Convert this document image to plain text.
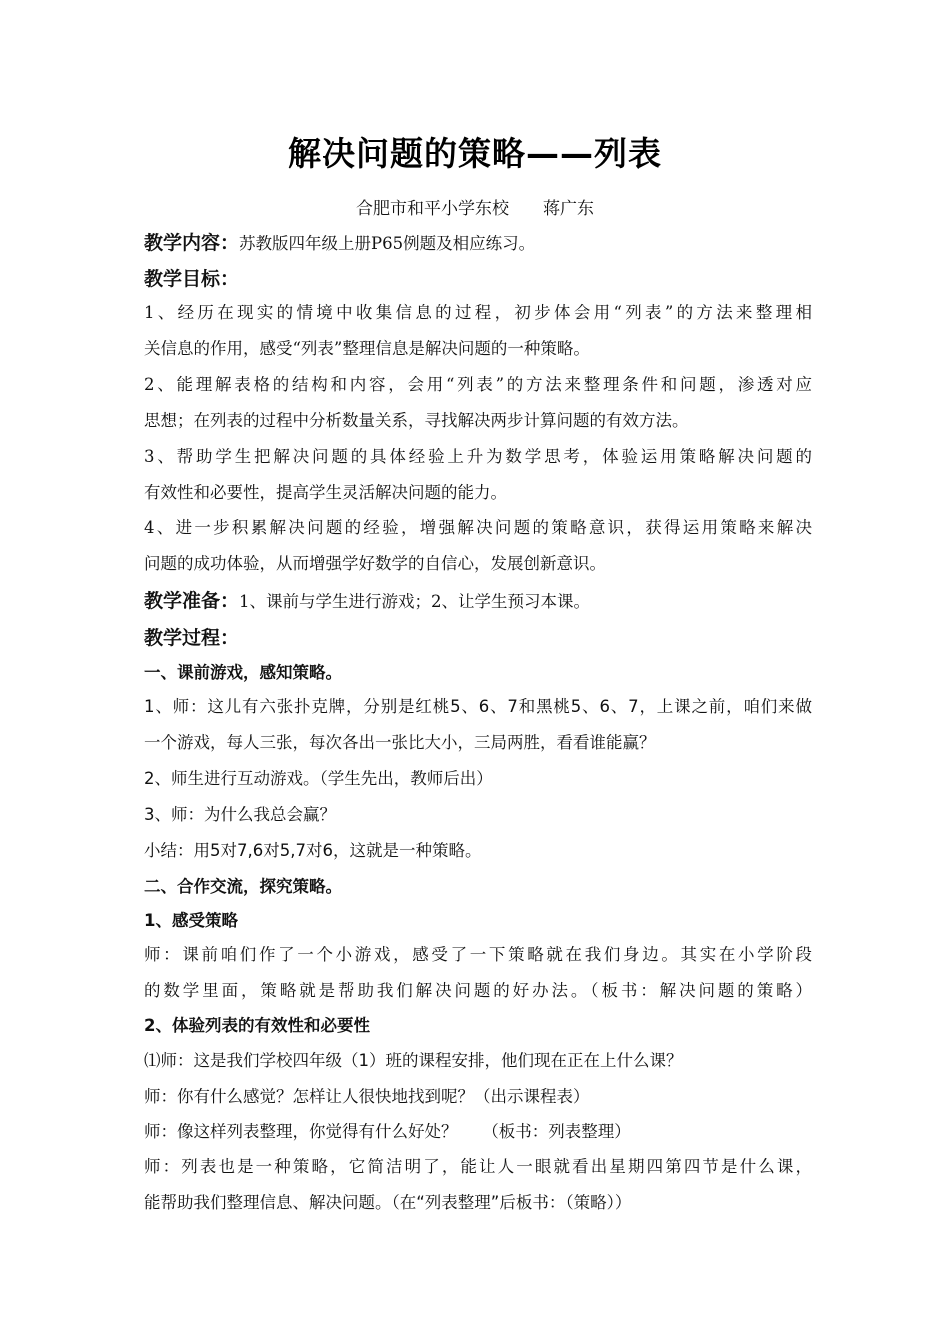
解决问题的策略——列表
合肥市和平小学东校　　蒋广东
教学内容：苏教版四年级上册P65例题及相应练习。
教学目标：
1、经历在现实的情境中收集信息的过程，初步体会用“列表”的方法来整理相
关信息的作用，感受“列表”整理信息是解决问题的一种策略。
2、能理解表格的结构和内容，会用“列表”的方法来整理条件和问题，渗透对应
思想；在列表的过程中分析数量关系，寻找解决两步计算问题的有效方法。
3、帮助学生把解决问题的具体经验上升为数学思考，体验运用策略解决问题的
有效性和必要性，提高学生灵活解决问题的能力。
4、进一步积累解决问题的经验，增强解决问题的策略意识，获得运用策略来解决
问题的成功体验，从而增强学好数学的自信心，发展创新意识。
教学准备：1、课前与学生进行游戏；2、让学生预习本课。
教学过程：
一、课前游戏，感知策略。
1、师：这儿有六张扑克牌，分别是红桃5、6、7和黑桃5、6、7，上课之前，咱们来做
一个游戏，每人三张，每次各出一张比大小，三局两胜，看看谁能赢？
2、师生进行互动游戏。（学生先出，教师后出）
3、师：为什么我总会赢？
小结：用5对7,6对5,7对6，这就是一种策略。
二、合作交流，探究策略。
1、感受策略
师：课前咱们作了一个小游戏，感受了一下策略就在我们身边。其实在小学阶段
的数学里面，策略就是帮助我们解决问题的好办法。（板书：解决问题的策略）
2、体验列表的有效性和必要性
⑴师：这是我们学校四年级（1）班的课程安排，他们现在正在上什么课？
师：你有什么感觉？怎样让人很快地找到呢？（出示课程表）
师：像这样列表整理，你觉得有什么好处？　　（板书：列表整理）
师：列表也是一种策略，它简洁明了，能让人一眼就看出星期四第四节是什么课，
能帮助我们整理信息、解决问题。（在“列表整理”后板书：（策略））
